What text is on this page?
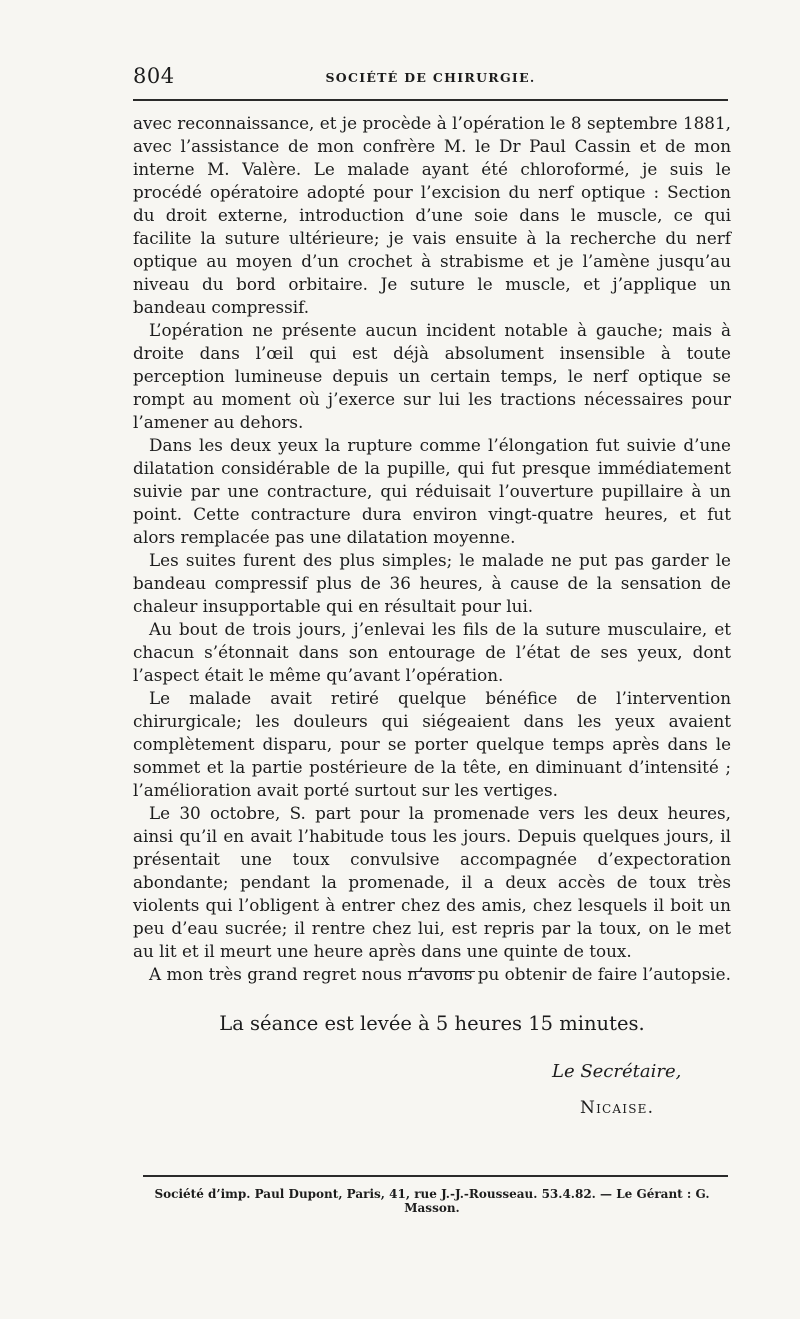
804	SOCIÉTÉ DE CHIRURGIE.

avec reconnaissance, et je procède à l’opération le 8 septembre 1881, avec l’assistance de mon confrère M. le Dr Paul Cassin et de mon interne M. Valère. Le malade ayant été chloroformé, je suis le procédé opératoire adopté pour l’excision du nerf optique : Section du droit externe, introduction d’une soie dans le muscle, ce qui facilite la suture ultérieure; je vais ensuite à la recherche du nerf optique au moyen d’un crochet à strabisme et je l’amène jusqu’au niveau du bord orbitaire. Je suture le muscle, et j’applique un bandeau compressif.

L’opération ne présente aucun incident notable à gauche; mais à droite dans l’œil qui est déjà absolument insensible à toute perception lumineuse depuis un certain temps, le nerf optique se rompt au moment où j’exerce sur lui les tractions nécessaires pour l’amener au dehors.

Dans les deux yeux la rupture comme l’élongation fut suivie d’une dilatation considérable de la pupille, qui fut presque immédiatement suivie par une contracture, qui réduisait l’ouverture pupillaire à un point. Cette contracture dura environ vingt-quatre heures, et fut alors remplacée pas une dilatation moyenne.

Les suites furent des plus simples; le malade ne put pas garder le bandeau compressif plus de 36 heures, à cause de la sensation de chaleur insupportable qui en résultait pour lui.

Au bout de trois jours, j’enlevai les fils de la suture musculaire, et chacun s’étonnait dans son entourage de l’état de ses yeux, dont l’aspect était le même qu’avant l’opération.

Le malade avait retiré quelque bénéfice de l’intervention chirurgicale; les douleurs qui siégeaient dans les yeux avaient complètement disparu, pour se porter quelque temps après dans le sommet et la partie postérieure de la tête, en diminuant d’intensité ; l’amélioration avait porté surtout sur les vertiges.

Le 30 octobre, S. part pour la promenade vers les deux heures, ainsi qu’il en avait l’habitude tous les jours. Depuis quelques jours, il présentait une toux convulsive accompagnée d’expectoration abondante; pendant la promenade, il a deux accès de toux très violents qui l’obligent à entrer chez des amis, chez lesquels il boit un peu d’eau sucrée; il rentre chez lui, est repris par la toux, on le met au lit et il meurt une heure après dans une quinte de toux.

A mon très grand regret nous n’avons pu obtenir de faire l’autopsie.

La séance est levée à 5 heures 15 minutes.
Le Secrétaire,
Nicaise.
Société d’imp. Paul Dupont, Paris, 41, rue J.-J.-Rousseau. 53.4.82. — Le Gérant : G. Masson.
